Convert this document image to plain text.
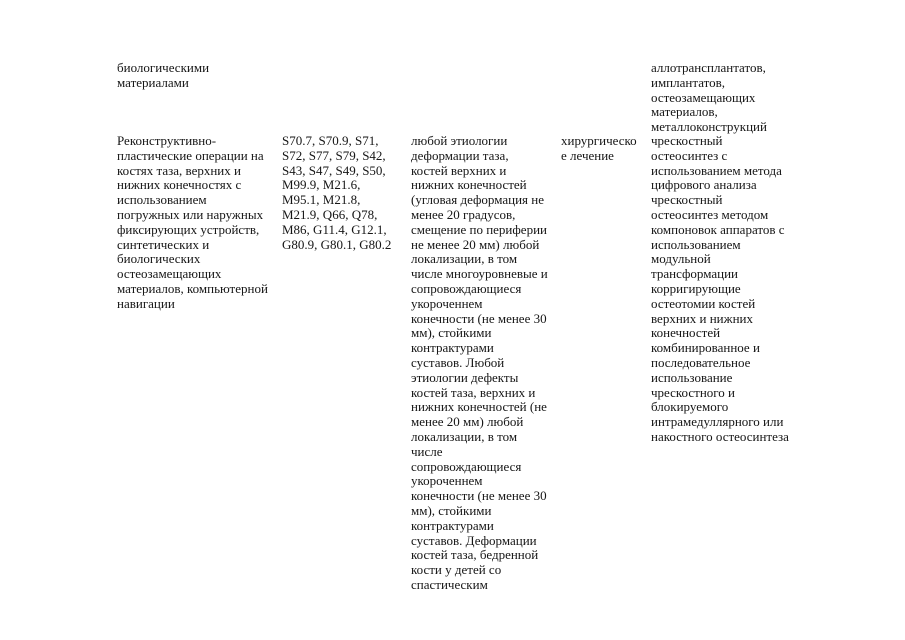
биологическими
материалами
аллотрансплантатов,
имплантатов,
остеозамещающих
материалов,
металлоконструкций
Реконструктивно-
пластические операции на
костях таза, верхних и
нижних конечностях с
использованием
погружных или наружных
фиксирующих устройств,
синтетических и
биологических
остеозамещающих
материалов, компьютерной
навигации
S70.7, S70.9, S71,
S72, S77, S79, S42,
S43, S47, S49, S50,
M99.9, M21.6,
M95.1, M21.8,
M21.9, Q66, Q78,
M86, G11.4, G12.1,
G80.9, G80.1, G80.2
любой этиологии
деформации таза,
костей верхних и
нижних конечностей
(угловая деформация не
менее 20 градусов,
смещение по периферии
не менее 20 мм) любой
локализации, в том
числе многоуровневые и
сопровождающиеся
укороченнем
конечности (не менее 30
мм), стойкими
контрактурами
суставов. Любой
этиологии дефекты
костей таза, верхних и
нижних конечностей (не
менее 20 мм) любой
локализации, в том
числе
сопровождающиеся
укороченнем
конечности (не менее 30
мм), стойкими
контрактурами
суставов. Деформации
костей таза, бедренной
кости у детей со
спастическим
хирургическо
е лечение
чрескостный
остеосинтез с
использованием метода
цифрового анализа
чрескостный
остеосинтез методом
компоновок аппаратов с
использованием
модульной
трансформации
корригирующие
остеотомии костей
верхних и нижних
конечностей
комбинированное и
последовательное
использование
чрескостного и
блокируемого
интрамедуллярного или
накостного остеосинтеза
